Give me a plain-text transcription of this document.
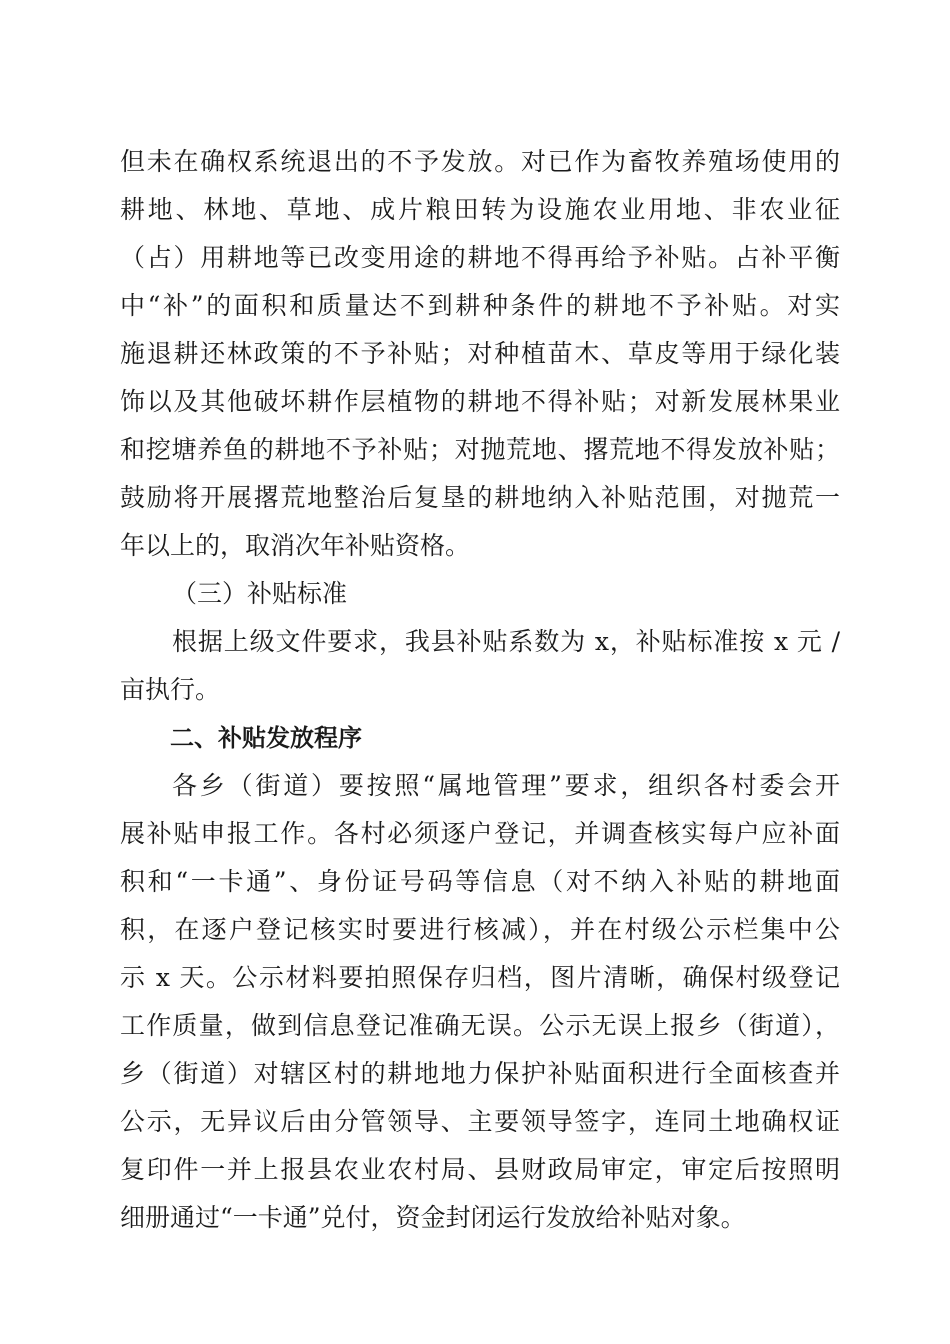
但未在确权系统退出的不予发放。对已作为畜牧养殖场使用的
耕地、林地、草地、成片粮田转为设施农业用地、非农业征
（占）用耕地等已改变用途的耕地不得再给予补贴。占补平衡
中“补”的面积和质量达不到耕种条件的耕地不予补贴。对实
施退耕还林政策的不予补贴；对种植苗木、草皮等用于绿化装
饰以及其他破坏耕作层植物的耕地不得补贴；对新发展林果业
和挖塘养鱼的耕地不予补贴；对抛荒地、撂荒地不得发放补贴；
鼓励将开展撂荒地整治后复垦的耕地纳入补贴范围，对抛荒一
年以上的，取消次年补贴资格。
（三）补贴标准
根据上级文件要求，我县补贴系数为 x，补贴标准按 x 元 /
亩执行。
二、补贴发放程序
各乡（街道）要按照“属地管理”要求，组织各村委会开
展补贴申报工作。各村必须逐户登记，并调查核实每户应补面
积和“一卡通”、身份证号码等信息（对不纳入补贴的耕地面
积，在逐户登记核实时要进行核减），并在村级公示栏集中公
示 x 天。公示材料要拍照保存归档，图片清晰，确保村级登记
工作质量，做到信息登记准确无误。公示无误上报乡（街道），
乡（街道）对辖区村的耕地地力保护补贴面积进行全面核查并
公示，无异议后由分管领导、主要领导签字，连同土地确权证
复印件一并上报县农业农村局、县财政局审定，审定后按照明
细册通过“一卡通”兑付，资金封闭运行发放给补贴对象。
